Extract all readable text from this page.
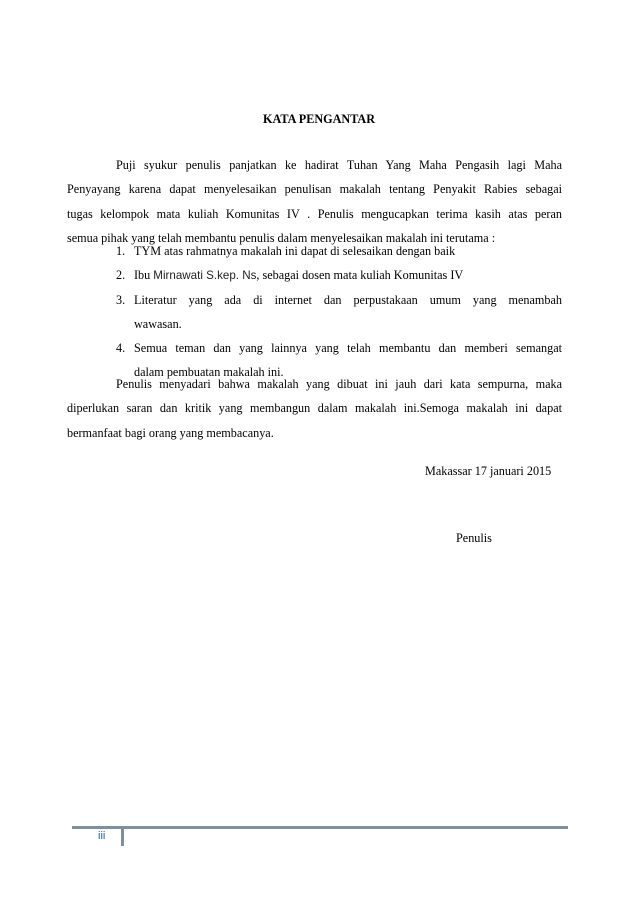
KATA PENGANTAR
Puji syukur penulis panjatkan ke hadirat Tuhan Yang Maha Pengasih lagi Maha
Penyayang karena dapat menyelesaikan penulisan makalah tentang Penyakit Rabies sebagai
tugas kelompok mata kuliah Komunitas IV . Penulis mengucapkan terima kasih atas peran
semua pihak yang telah membantu penulis dalam menyelesaikan makalah ini terutama :
1. TYM atas rahmatnya makalah ini dapat di selesaikan dengan baik
2. Ibu Mirnawati S.kep. Ns, sebagai dosen mata kuliah Komunitas IV
3. Literatur yang ada di internet dan perpustakaan umum yang menambah
wawasan.
4. Semua teman dan yang lainnya yang telah membantu dan memberi semangat
dalam pembuatan makalah ini.
Penulis menyadari bahwa makalah yang dibuat ini jauh dari kata sempurna, maka
diperlukan saran dan kritik yang membangun dalam makalah ini.Semoga makalah ini dapat
bermanfaat bagi orang yang membacanya.
Makassar 17 januari 2015
Penulis
iii
